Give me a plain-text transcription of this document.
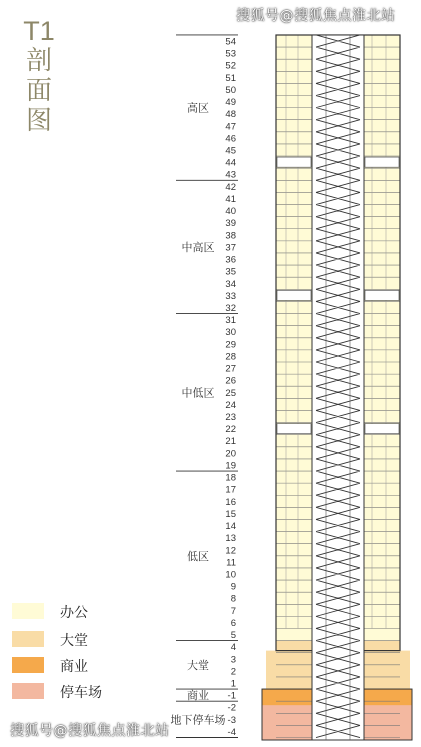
T1
剖
面
图
搜狐号@搜狐焦点淮北站
54
53
52
51
50
49
48
47
46
45
44
43
42
41
40
39
38
37
36
35
34
33
32
31
30
29
28
27
26
25
24
23
22
21
20
19
18
17
16
15
14
13
12
11
10
9
8
7
6
5
4
3
2
1
-1
-2
-3
-4
高区
中高区
中低区
低区
大堂
商业
地下停车场
办公
大堂
商业
停车场
搜狐号@搜狐焦点淮北站
